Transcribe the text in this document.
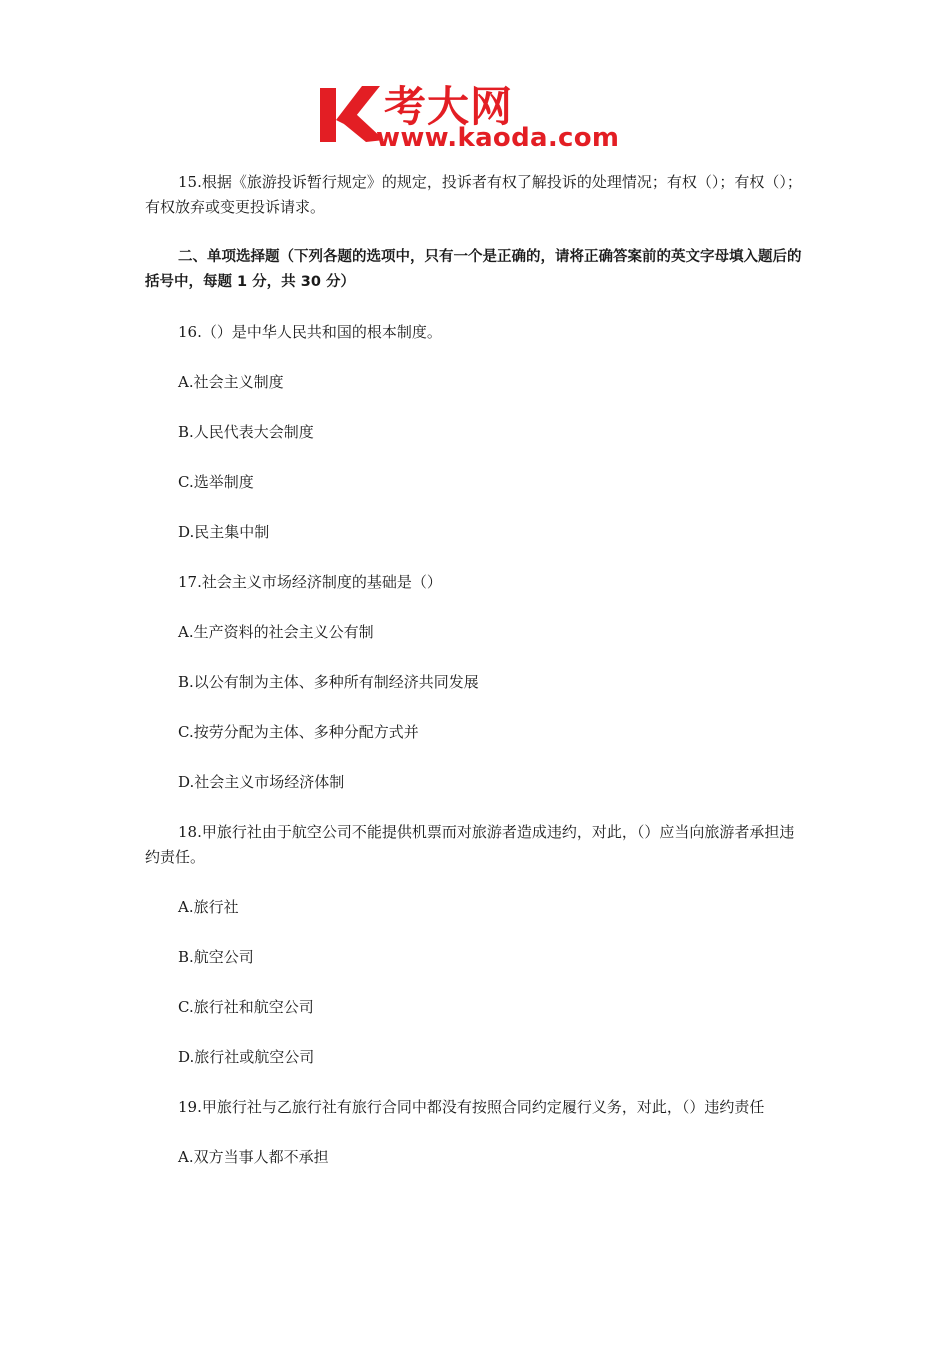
考大网
www.kaoda.com

15.根据《旅游投诉暂行规定》的规定，投诉者有权了解投诉的处理情况；有权（）；有权（）；有权放弃或变更投诉请求。

二、单项选择题（下列各题的选项中，只有一个是正确的，请将正确答案前的英文字母填入题后的括号中，每题 1 分，共 30 分）

16.（）是中华人民共和国的根本制度。

A.社会主义制度

B.人民代表大会制度

C.选举制度

D.民主集中制

17.社会主义市场经济制度的基础是（）

A.生产资料的社会主义公有制

B.以公有制为主体、多种所有制经济共同发展

C.按劳分配为主体、多种分配方式并

D.社会主义市场经济体制

18.甲旅行社由于航空公司不能提供机票而对旅游者造成违约，对此，（）应当向旅游者承担违约责任。

A.旅行社

B.航空公司

C.旅行社和航空公司

D.旅行社或航空公司

19.甲旅行社与乙旅行社有旅行合同中都没有按照合同约定履行义务，对此，（）违约责任

A.双方当事人都不承担
